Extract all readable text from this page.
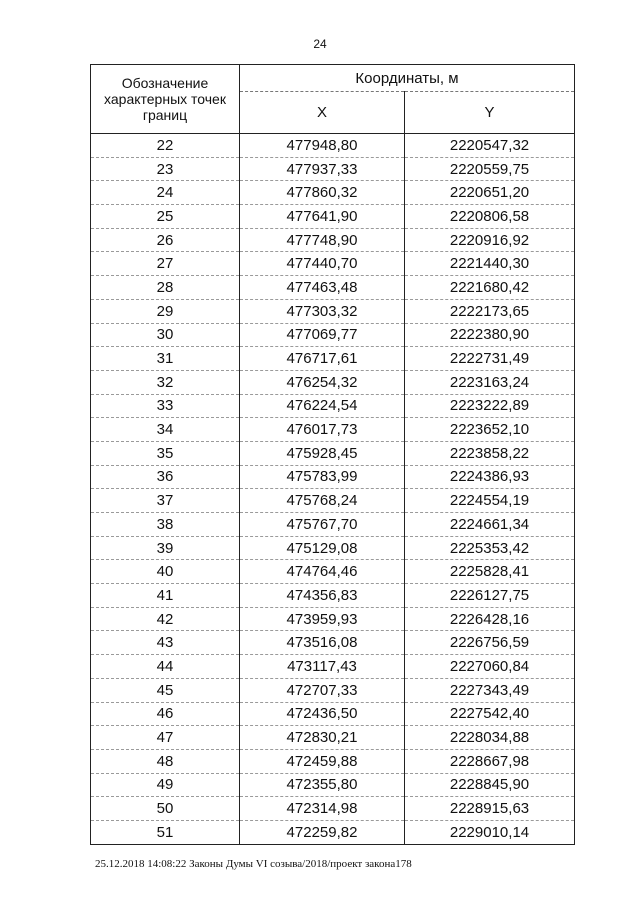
24
Обозначение характерных точек границ	Координаты, м	
	X	Y
22	477948,80	2220547,32
23	477937,33	2220559,75
24	477860,32	2220651,20
25	477641,90	2220806,58
26	477748,90	2220916,92
27	477440,70	2221440,30
28	477463,48	2221680,42
29	477303,32	2222173,65
30	477069,77	2222380,90
31	476717,61	2222731,49
32	476254,32	2223163,24
33	476224,54	2223222,89
34	476017,73	2223652,10
35	475928,45	2223858,22
36	475783,99	2224386,93
37	475768,24	2224554,19
38	475767,70	2224661,34
39	475129,08	2225353,42
40	474764,46	2225828,41
41	474356,83	2226127,75
42	473959,93	2226428,16
43	473516,08	2226756,59
44	473117,43	2227060,84
45	472707,33	2227343,49
46	472436,50	2227542,40
47	472830,21	2228034,88
48	472459,88	2228667,98
49	472355,80	2228845,90
50	472314,98	2228915,63
51	472259,82	2229010,14
25.12.2018 14:08:22 Законы Думы VI созыва/2018/проект закона178
